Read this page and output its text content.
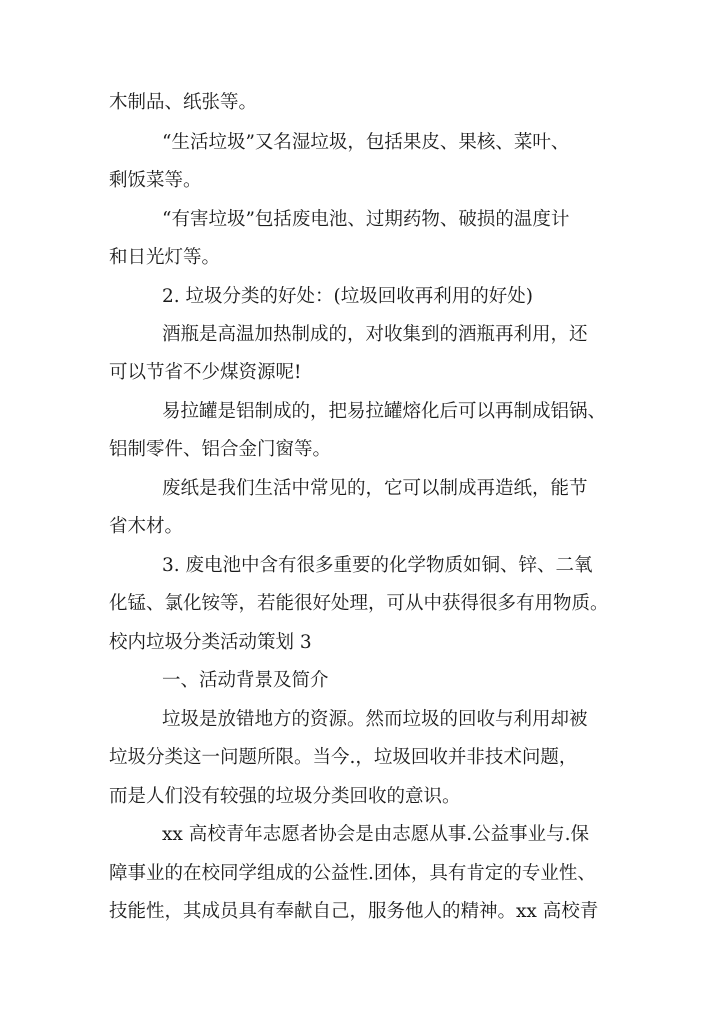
木制品、纸张等。
“生活垃圾”又名湿垃圾，包括果皮、果核、菜叶、
剩饭菜等。
“有害垃圾”包括废电池、过期药物、破损的温度计
和日光灯等。
2. 垃圾分类的好处：(垃圾回收再利用的好处)
酒瓶是高温加热制成的，对收集到的酒瓶再利用，还
可以节省不少煤资源呢!
易拉罐是铝制成的，把易拉罐熔化后可以再制成铝锅、
铝制零件、铝合金门窗等。
废纸是我们生活中常见的，它可以制成再造纸，能节
省木材。
3. 废电池中含有很多重要的化学物质如铜、锌、二氧
化锰、氯化铵等，若能很好处理，可从中获得很多有用物质。
校内垃圾分类活动策划 3
一、活动背景及简介
垃圾是放错地方的资源。然而垃圾的回收与利用却被
垃圾分类这一问题所限。当今.，垃圾回收并非技术问题，
而是人们没有较强的垃圾分类回收的意识。
xx 高校青年志愿者协会是由志愿从事.公益事业与.保
障事业的在校同学组成的公益性.团体，具有肯定的专业性、
技能性，其成员具有奉献自己，服务他人的精神。xx 高校青
